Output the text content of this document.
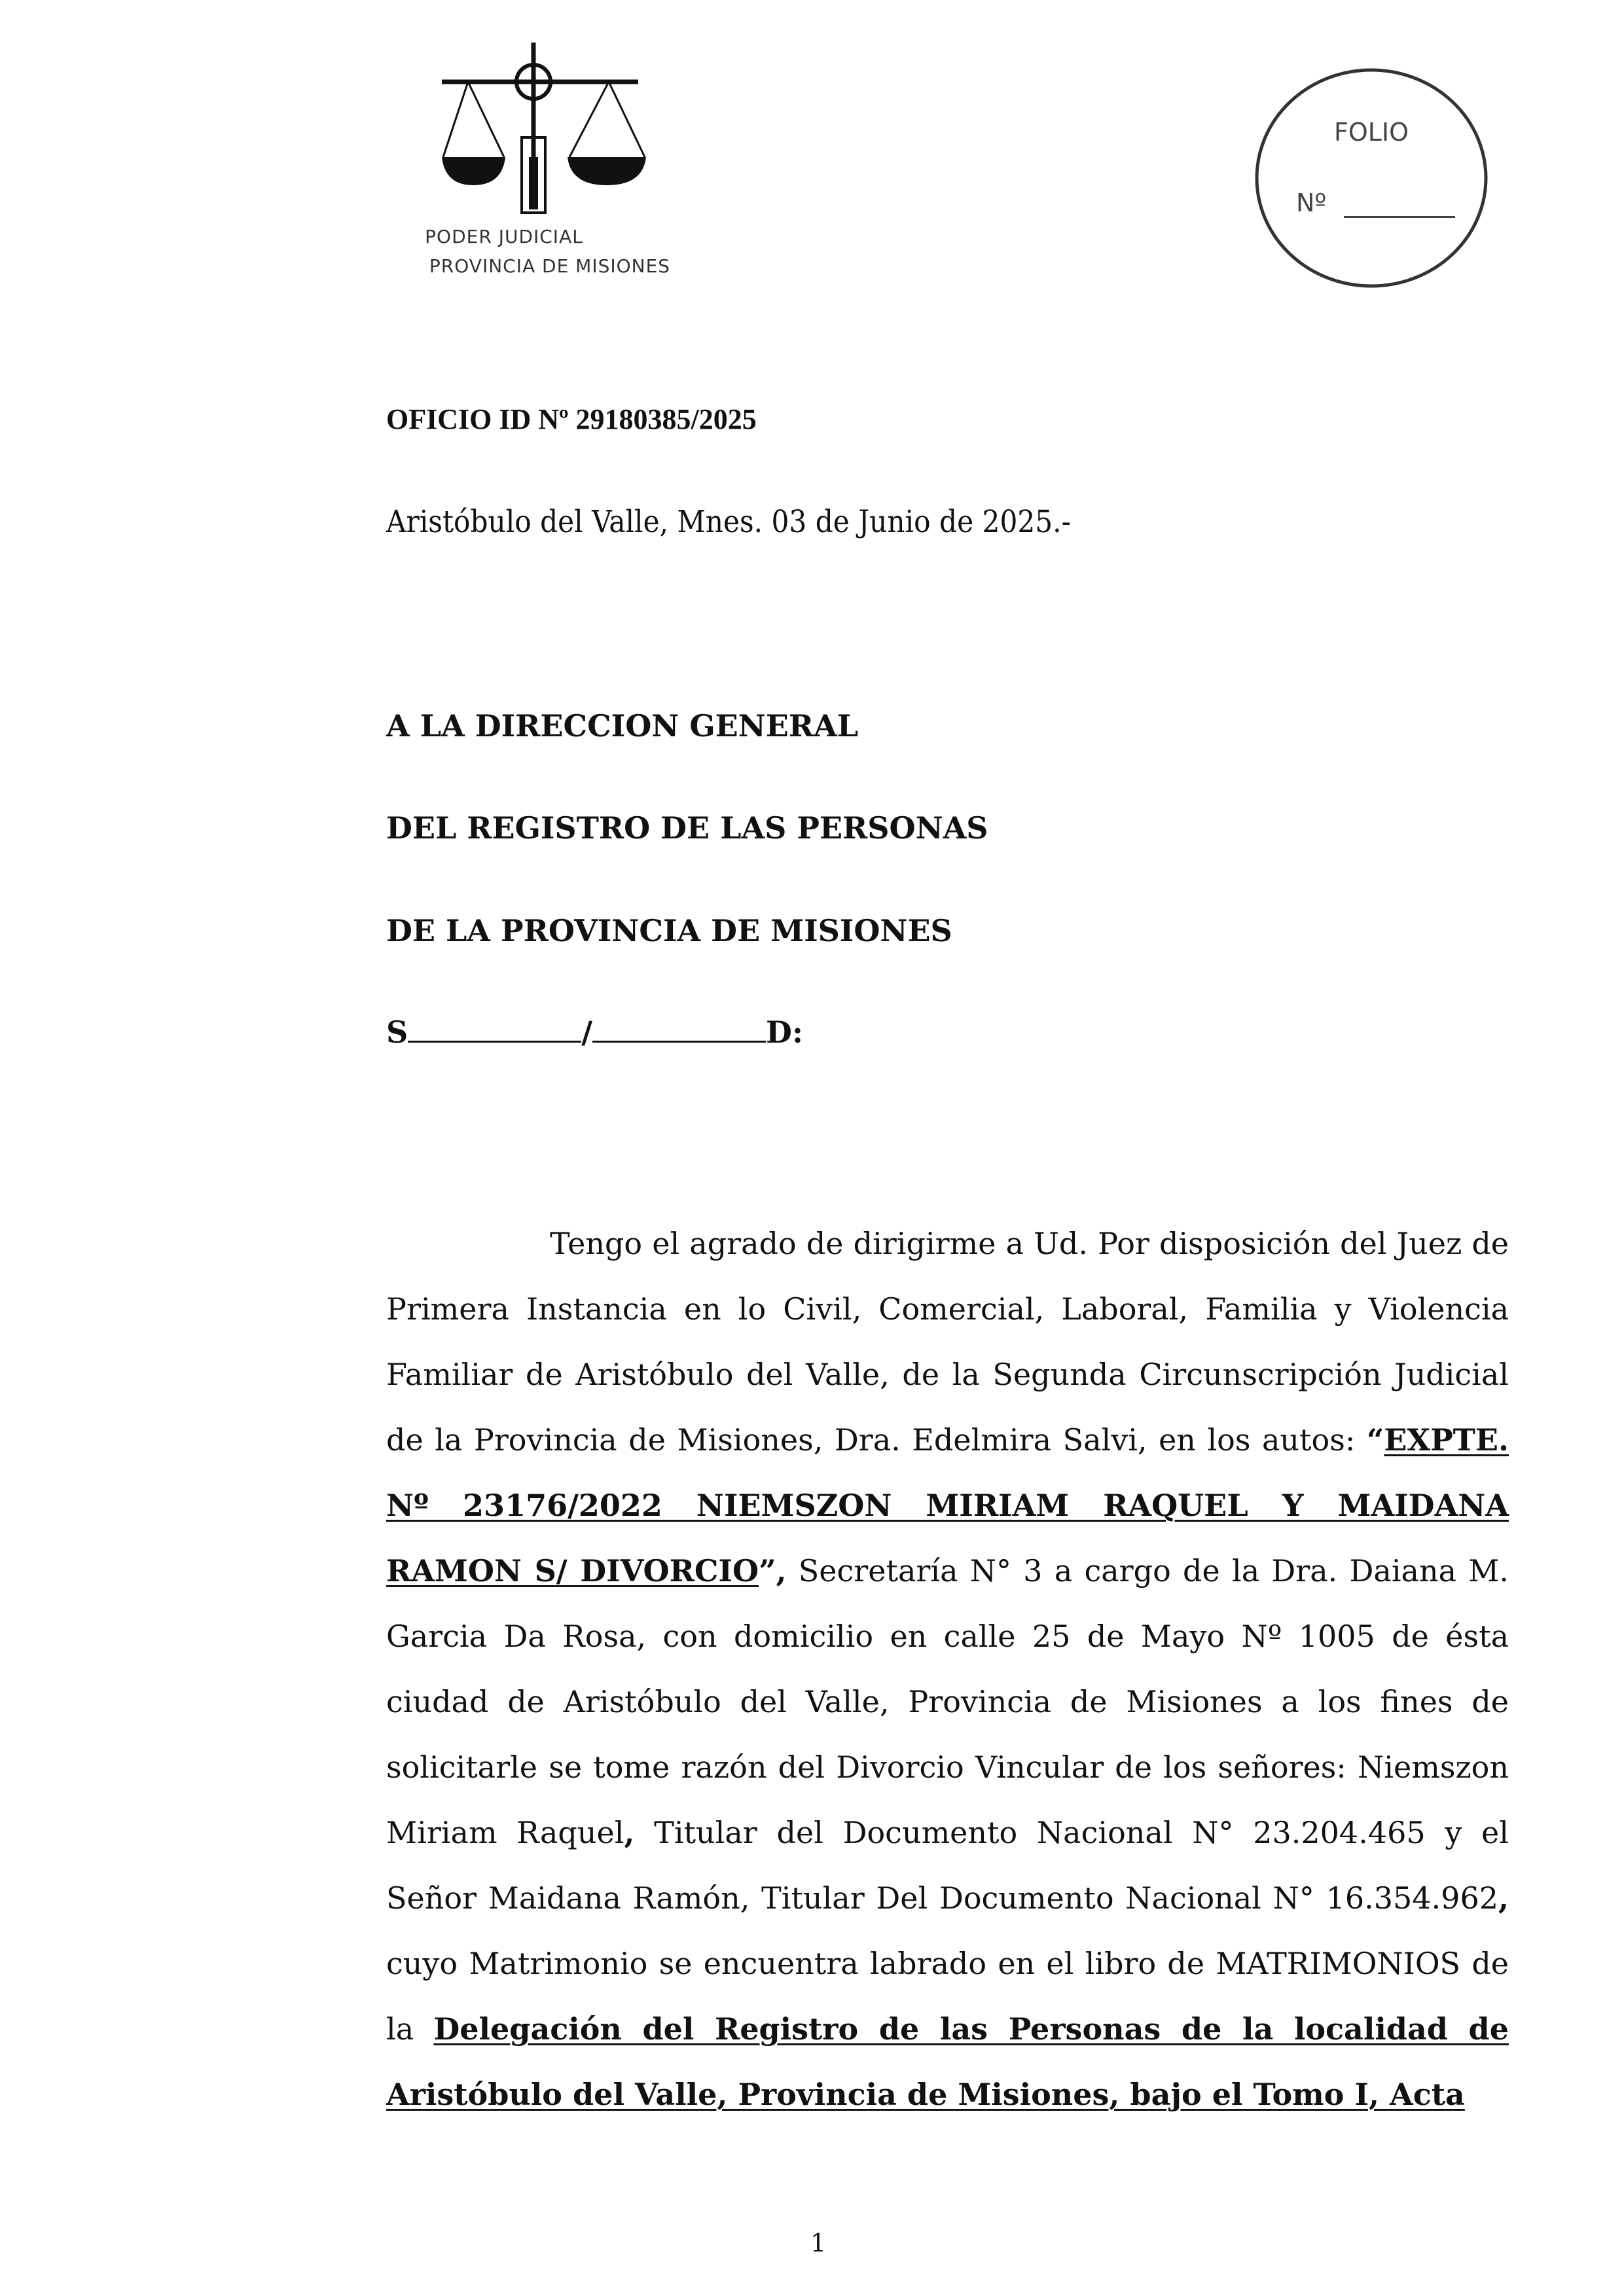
PODER JUDICIAL
PROVINCIA DE MISIONES
FOLIO
Nº
OFICIO ID Nº 29180385/2025
Aristóbulo del Valle, Mnes. 03 de Junio de 2025.-
A LA DIRECCION GENERAL
DEL REGISTRO DE LAS PERSONAS
DE LA PROVINCIA DE MISIONES
S	/	D:
Tengo el agrado de dirigirme a Ud. Por disposición del Juez de Primera Instancia en lo Civil, Comercial, Laboral, Familia y Violencia Familiar de Aristóbulo del Valle, de la Segunda Circunscripción Judicial de la Provincia de Misiones, Dra. Edelmira Salvi, en los autos: “EXPTE. Nº 23176/2022 NIEMSZON MIRIAM RAQUEL Y MAIDANA RAMON S/ DIVORCIO”, Secretaría N° 3 a cargo de la Dra. Daiana M. Garcia Da Rosa, con domicilio en calle 25 de Mayo Nº 1005 de ésta ciudad de Aristóbulo del Valle, Provincia de Misiones a los fines de solicitarle se tome razón del Divorcio Vincular de los señores: Niemszon Miriam Raquel, Titular del Documento Nacional N° 23.204.465 y el Señor Maidana Ramón, Titular Del Documento Nacional N° 16.354.962, cuyo Matrimonio se encuentra labrado en el libro de MATRIMONIOS de la Delegación del Registro de las Personas de la localidad de Aristóbulo del Valle, Provincia de Misiones, bajo el Tomo I, Acta
1
